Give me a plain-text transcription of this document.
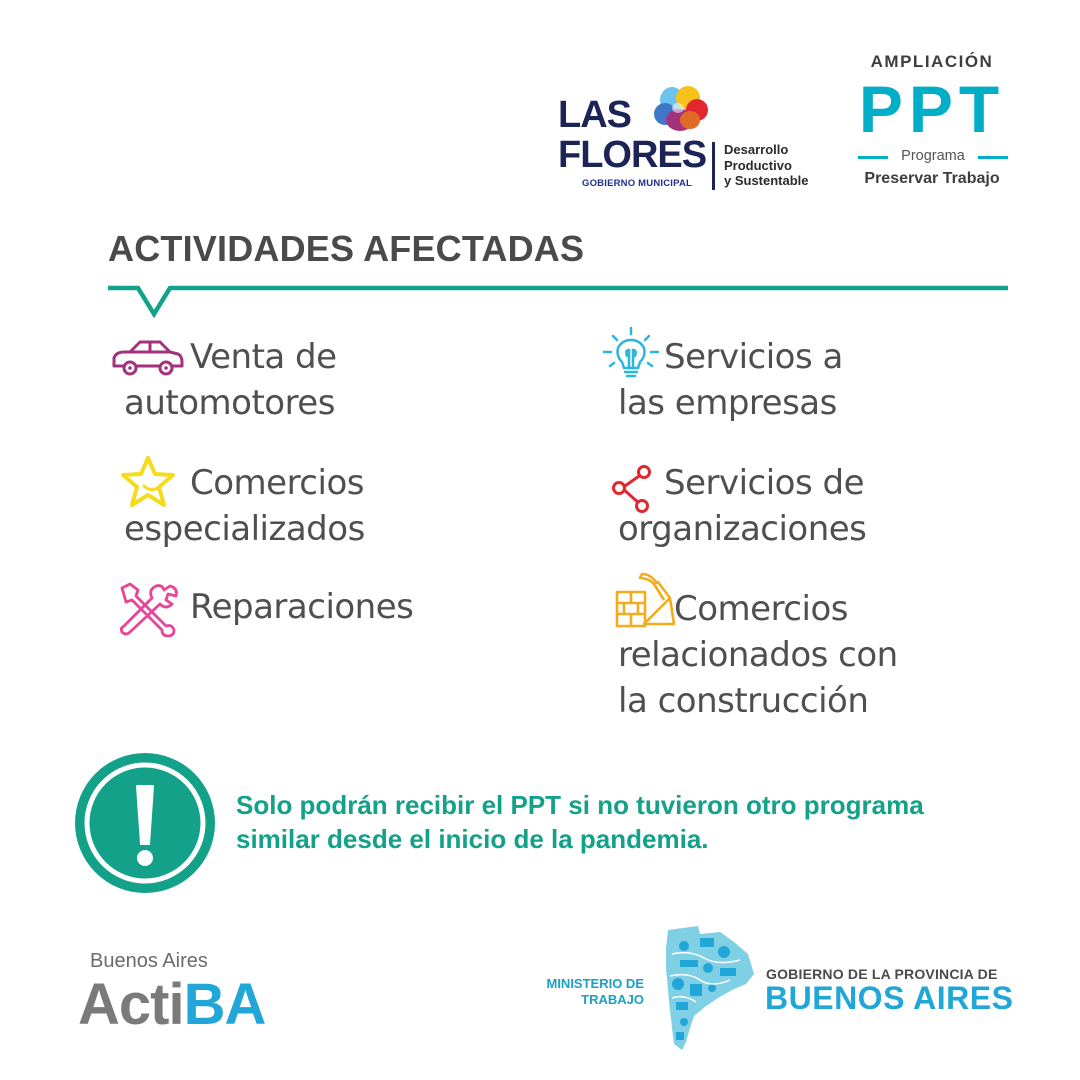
LAS
FLORES
GOBIERNO MUNICIPAL
Desarrollo
Productivo
y Sustentable
AMPLIACIÓN
PPT
Programa
Preservar Trabajo
ACTIVIDADES AFECTADAS
Venta de
automotores
Servicios a
las empresas
Comercios
especializados
Servicios de
organizaciones
Reparaciones	Comercios
relacionados con
la construcción
Solo podrán recibir el PPT si no tuvieron otro programa
similar desde el inicio de la pandemia.
Buenos Aires
ActiBA	MINISTERIO DE
TRABAJO
GOBIERNO DE LA PROVINCIA DE
BUENOS AIRES
